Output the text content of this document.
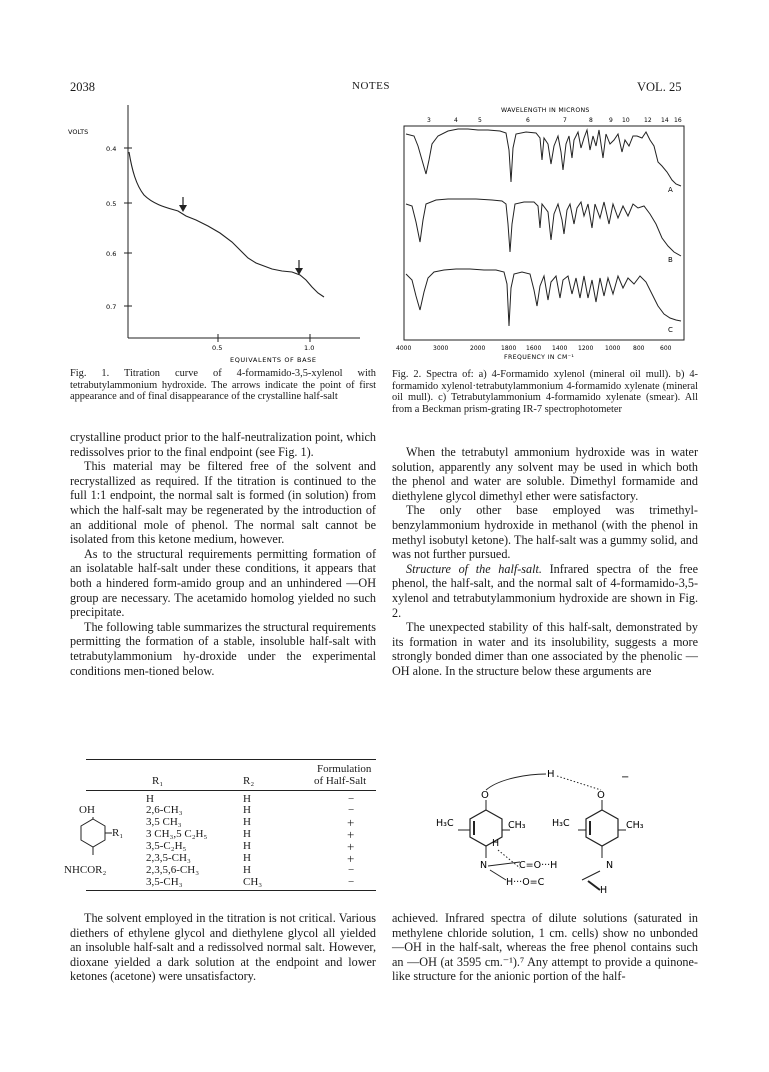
2038	NOTES	VOL. 25
VOLTS
0.4
0.5
0.6
0.7
0.5	1.0
EQUIVALENTS OF BASE
WAVELENGTH IN MICRONS
3	4	5	6	7	8	9 10 12 14 16
A
B
C
4000	3000	2000	1800 1600 1400 1200 1000 800	600
FREQUENCY IN CM⁻¹

Fig. 1. Titration curve of 4-formamido-3,5-xylenol with tetrabutylammonium hydroxide. The arrows indicate the point of first appearance and of final disappearance of the crystalline half-salt

Fig. 2. Spectra of: a) 4-Formamido xylenol (mineral oil mull). b) 4-formamido xylenol·tetrabutylammonium 4-formamido xylenate (mineral oil mull). c) Tetrabutylammonium 4-formamido xylenate (smear). All from a Beckman prism-grating IR-7 spectrophotometer

crystalline product prior to the half-neutralization point, which redissolves prior to the final endpoint (see Fig. 1).

This material may be filtered free of the solvent and recrystallized as required. If the titration is continued to the full 1:1 endpoint, the normal salt is formed (in solution) from which the half-salt may be regenerated by the introduction of an additional mole of phenol. The normal salt cannot be isolated from this ketone medium, however.

As to the structural requirements permitting formation of an isolatable half-salt under these conditions, it appears that both a hindered form-amido group and an unhindered —OH group are necessary. The acetamido homolog yielded no such precipitate.

The following table summarizes the structural requirements permitting the formation of a stable, insoluble half-salt with tetrabutylammonium hy-droxide under the experimental conditions men-tioned below.

When the tetrabutyl ammonium hydroxide was in water solution, apparently any solvent may be used in which both the phenol and water are soluble. Dimethyl formamide and diethylene glycol dimethyl ether were satisfactory.

The only other base employed was trimethyl-benzylammonium hydroxide in methanol (with the phenol in methyl isobutyl ketone). The half-salt was a gummy solid, and was not further pursued.

Structure of the half-salt. Infrared spectra of the free phenol, the half-salt, and the normal salt of 4-formamido-3,5-xylenol and tetrabutylammonium hydroxide are shown in Fig. 2.

The unexpected stability of this half-salt, demonstrated by its formation in water and its insolubility, suggests a more strongly bonded dimer than one associated by the phenolic —OH alone. In the structure below these arguments are

Formulation
R₂
R₁	of Half-Salt
OH
R₁
NHCOR₂
H	H	−
2,6-CH₃	H	−
3,5 CH₃	H	+
3 CH₃,5 C₂H₅	H	+
3,5-C₂H₅	H	+
2,3,5-CH₃	H	+
2,3,5,6-CH₃	H	−
3,5-CH₃	CH₃	−
H	−
O	O
H₃C	CH₃	H₃C	CH₃
H
C=O···H
N	N
H···O=C
H

The solvent employed in the titration is not critical. Various diethers of ethylene glycol and diethylene glycol all yielded an insoluble half-salt and a redissolved normal salt. However, dioxane yielded a dark solution at the endpoint and lower ketones (acetone) were unsatisfactory.

achieved. Infrared spectra of dilute solutions (saturated in methylene chloride solution, 1 cm. cells) show no unbonded —OH in the half-salt, whereas the free phenol contains such an —OH (at 3595 cm.⁻¹).⁷ Any attempt to provide a quinone-like structure for the anionic portion of the half-
